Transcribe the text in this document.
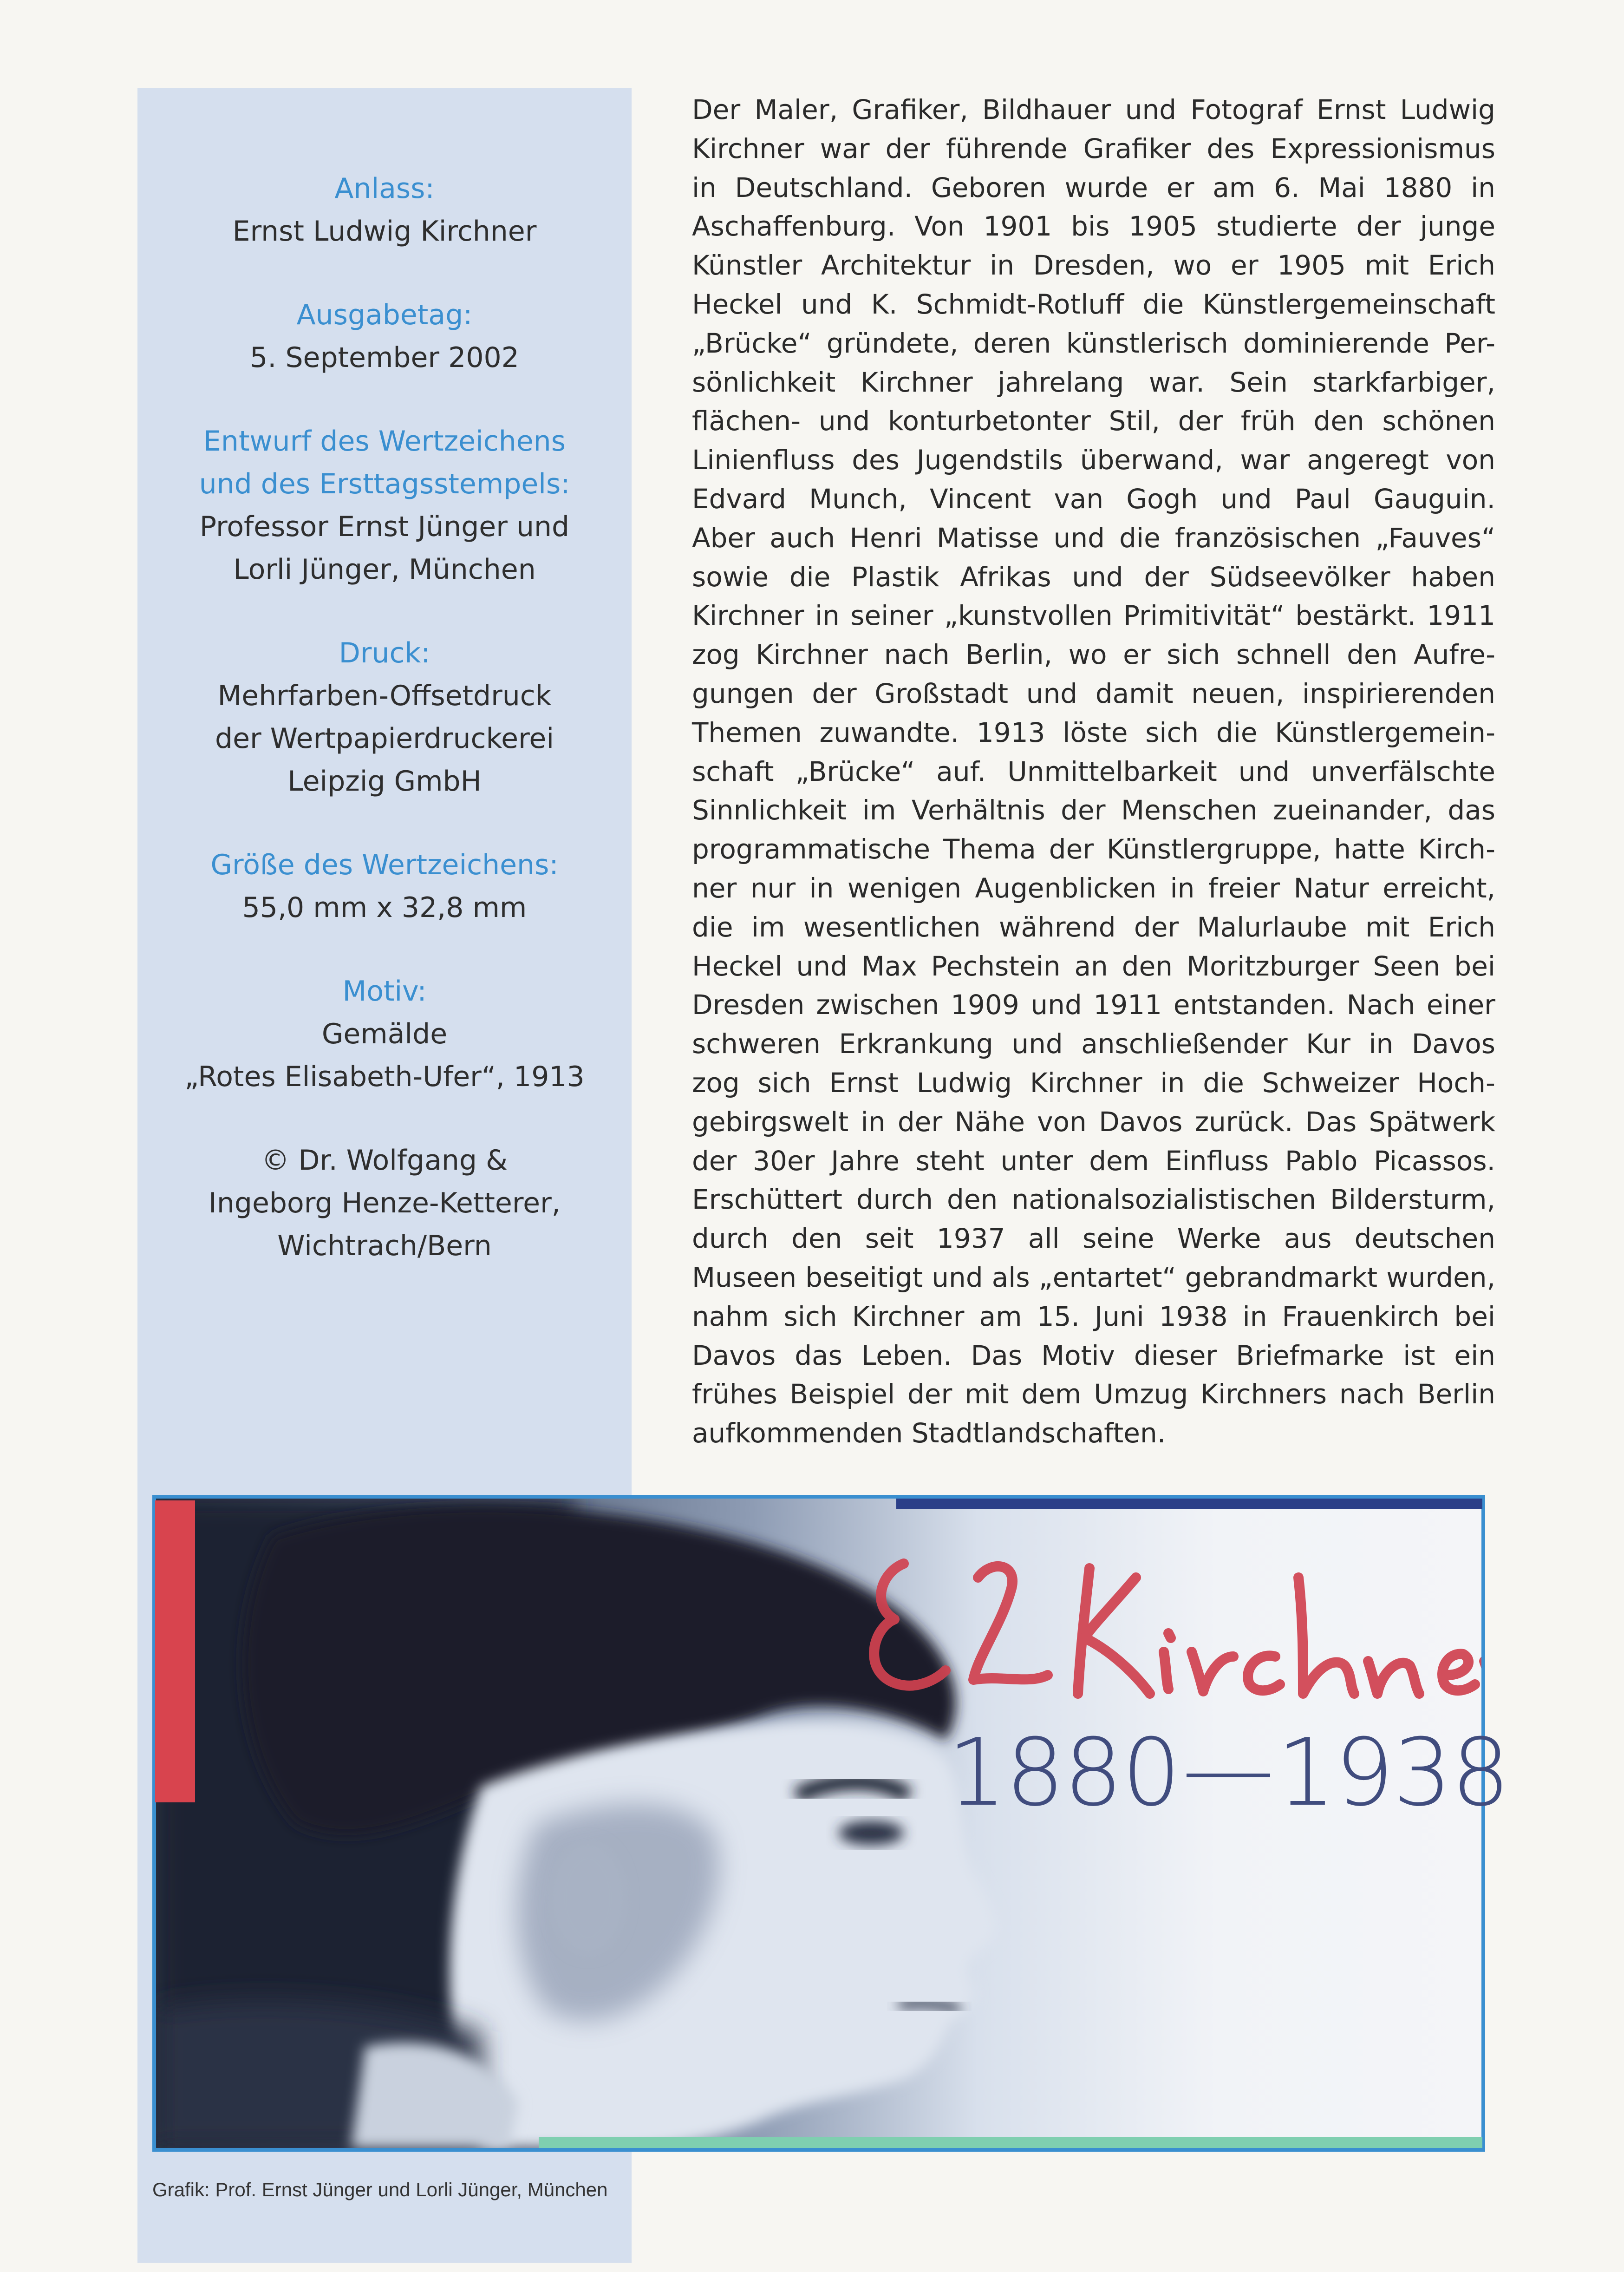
Anlass:
Ernst Ludwig Kirchner
Ausgabetag:
5. September 2002
Entwurf des Wertzeichens
und des Ersttagsstempels:
Professor Ernst Jünger und
Lorli Jünger, München
Druck:
Mehrfarben-Offsetdruck
der Wertpapierdruckerei
Leipzig GmbH
Größe des Wertzeichens:
55,0 mm x 32,8 mm
Motiv:
Gemälde
„Rotes Elisabeth-Ufer“, 1913
© Dr. Wolfgang &
Ingeborg Henze-Ketterer,
Wichtrach/Bern
Der Maler, Grafiker, Bildhauer und Fotograf Ernst Ludwig
Kirchner war der führende Grafiker des Expressionismus
in Deutschland. Geboren wurde er am 6. Mai 1880 in
Aschaffenburg. Von 1901 bis 1905 studierte der junge
Künstler Architektur in Dresden, wo er 1905 mit Erich
Heckel und K. Schmidt-Rotluff die Künstlergemeinschaft
„Brücke“ gründete, deren künstlerisch dominierende Per-
sönlichkeit Kirchner jahrelang war. Sein starkfarbiger,
flächen- und konturbetonter Stil, der früh den schönen
Linienfluss des Jugendstils überwand, war angeregt von
Edvard Munch, Vincent van Gogh und Paul Gauguin.
Aber auch Henri Matisse und die französischen „Fauves“
sowie die Plastik Afrikas und der Südseevölker haben
Kirchner in seiner „kunstvollen Primitivität“ bestärkt. 1911
zog Kirchner nach Berlin, wo er sich schnell den Aufre-
gungen der Großstadt und damit neuen, inspirierenden
Themen zuwandte. 1913 löste sich die Künstlergemein-
schaft „Brücke“ auf. Unmittelbarkeit und unverfälschte
Sinnlichkeit im Verhältnis der Menschen zueinander, das
programmatische Thema der Künstlergruppe, hatte Kirch-
ner nur in wenigen Augenblicken in freier Natur erreicht,
die im wesentlichen während der Malurlaube mit Erich
Heckel und Max Pechstein an den Moritzburger Seen bei
Dresden zwischen 1909 und 1911 entstanden. Nach einer
schweren Erkrankung und anschließender Kur in Davos
zog sich Ernst Ludwig Kirchner in die Schweizer Hoch-
gebirgswelt in der Nähe von Davos zurück. Das Spätwerk
der 30er Jahre steht unter dem Einfluss Pablo Picassos.
Erschüttert durch den nationalsozialistischen Bildersturm,
durch den seit 1937 all seine Werke aus deutschen
Museen beseitigt und als „entartet“ gebrandmarkt wurden,
nahm sich Kirchner am 15. Juni 1938 in Frauenkirch bei
Davos das Leben. Das Motiv dieser Briefmarke ist ein
frühes Beispiel der mit dem Umzug Kirchners nach Berlin
aufkommenden Stadtlandschaften.
1880 1938
Grafik: Prof. Ernst Jünger und Lorli Jünger, München
